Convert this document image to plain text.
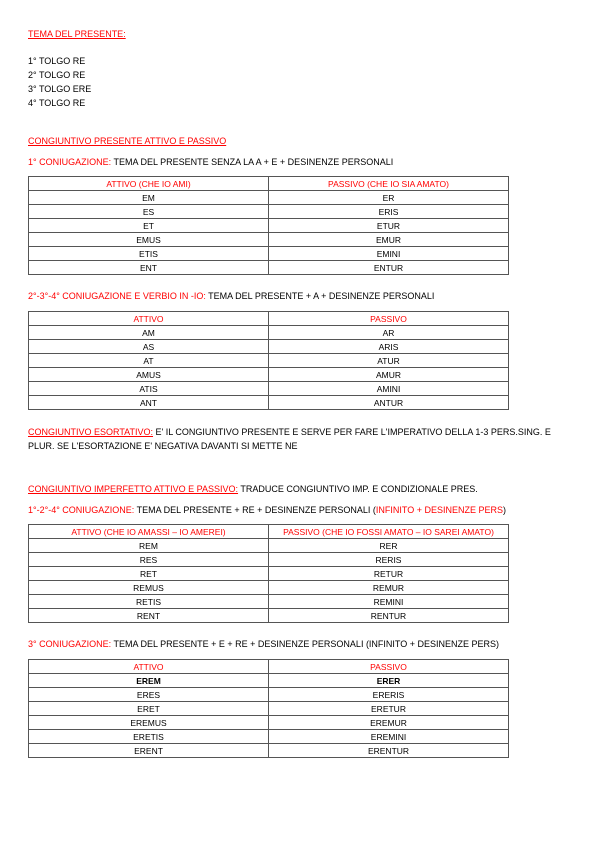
TEMA DEL PRESENTE:

1° TOLGO RE
2° TOLGO RE
3° TOLGO ERE
4° TOLGO RE

CONGIUNTIVO PRESENTE ATTIVO E PASSIVO

1° CONIUGAZIONE: TEMA DEL PRESENTE SENZA LA A + E + DESINENZE PERSONALI

ATTIVO (CHE IO AMI)	PASSIVO (CHE IO SIA AMATO)
EM	ER
ES	ERIS
ET	ETUR
EMUS	EMUR
ETIS	EMINI
ENT	ENTUR

2°-3°-4° CONIUGAZIONE E VERBIO IN -IO: TEMA DEL PRESENTE + A + DESINENZE PERSONALI

ATTIVO	PASSIVO
AM	AR
AS	ARIS
AT	ATUR
AMUS	AMUR
ATIS	AMINI
ANT	ANTUR

CONGIUNTIVO ESORTATIVO: E' IL CONGIUNTIVO PRESENTE E SERVE PER FARE L'IMPERATIVO DELLA 1-3 PERS.SING. E PLUR. SE L'ESORTAZIONE E' NEGATIVA DAVANTI SI METTE NE

CONGIUNTIVO IMPERFETTO ATTIVO E PASSIVO: TRADUCE CONGIUNTIVO IMP. E CONDIZIONALE PRES.

1°-2°-4° CONIUGAZIONE: TEMA DEL PRESENTE + RE + DESINENZE PERSONALI (INFINITO + DESINENZE PERS)

ATTIVO (CHE IO AMASSI – IO AMEREI)	PASSIVO (CHE IO FOSSI AMATO – IO SAREI AMATO)
REM	RER
RES	RERIS
RET	RETUR
REMUS	REMUR
RETIS	REMINI
RENT	RENTUR

3° CONIUGAZIONE: TEMA DEL PRESENTE + E + RE + DESINENZE PERSONALI (INFINITO + DESINENZE PERS)

ATTIVO	PASSIVO
EREM	ERER
ERES	ERERIS
ERET	ERETUR
EREMUS	EREMUR
ERETIS	EREMINI
ERENT	ERENTUR
